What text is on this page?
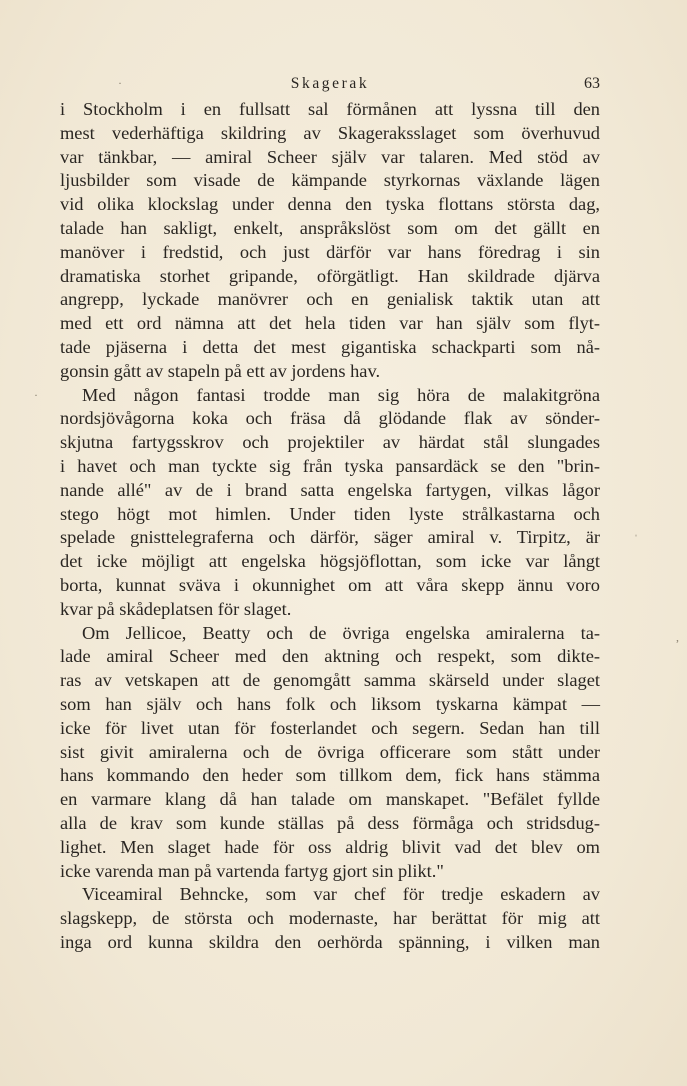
Skagerak	63
·
·
ˈ
,
i Stockholm i en fullsatt sal förmånen att lyssna till den
mest vederhäftiga skildring av Skageraksslaget som överhuvud
var tänkbar, — amiral Scheer själv var talaren. Med stöd av
ljusbilder som visade de kämpande styrkornas växlande lägen
vid olika klockslag under denna den tyska flottans största dag,
talade han sakligt, enkelt, anspråkslöst som om det gällt en
manöver i fredstid, och just därför var hans föredrag i sin
dramatiska storhet gripande, oförgätligt. Han skildrade djärva
angrepp, lyckade manövrer och en genialisk taktik utan att
med ett ord nämna att det hela tiden var han själv som flyt-
tade pjäserna i detta det mest gigantiska schackparti som nå-
gonsin gått av stapeln på ett av jordens hav.
Med någon fantasi trodde man sig höra de malakitgröna
nordsjövågorna koka och fräsa då glödande flak av sönder-
skjutna fartygsskrov och projektiler av härdat stål slungades
i havet och man tyckte sig från tyska pansardäck se den "brin-
nande allé" av de i brand satta engelska fartygen, vilkas lågor
stego högt mot himlen. Under tiden lyste strålkastarna och
spelade gnisttelegraferna och därför, säger amiral v. Tirpitz, är
det icke möjligt att engelska högsjöflottan, som icke var långt
borta, kunnat sväva i okunnighet om att våra skepp ännu voro
kvar på skådeplatsen för slaget.
Om Jellicoe, Beatty och de övriga engelska amiralerna ta-
lade amiral Scheer med den aktning och respekt, som dikte-
ras av vetskapen att de genomgått samma skärseld under slaget
som han själv och hans folk och liksom tyskarna kämpat —
icke för livet utan för fosterlandet och segern. Sedan han till
sist givit amiralerna och de övriga officerare som stått under
hans kommando den heder som tillkom dem, fick hans stämma
en varmare klang då han talade om manskapet. "Befälet fyllde
alla de krav som kunde ställas på dess förmåga och stridsdug-
lighet. Men slaget hade för oss aldrig blivit vad det blev om
icke varenda man på vartenda fartyg gjort sin plikt."
Viceamiral Behncke, som var chef för tredje eskadern av
slagskepp, de största och modernaste, har berättat för mig att
inga ord kunna skildra den oerhörda spänning, i vilken man
